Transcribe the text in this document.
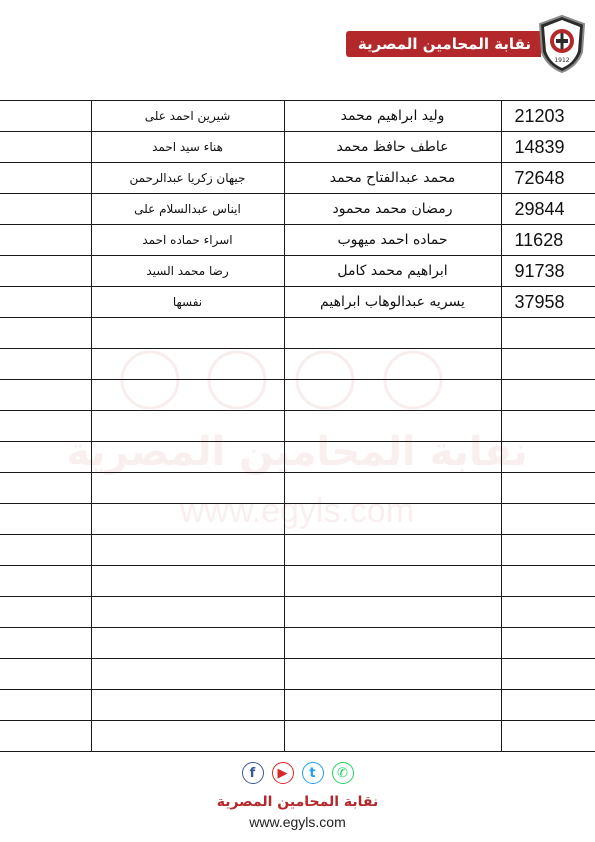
نقابة المحامين المصرية
1912
نقابة المحامين المصرية
www.egyls.com
	شيرين احمد على	وليد ابراهيم محمد	21203
	هناء سيد احمد	عاطف حافظ محمد	14839
	جيهان زكريا عبدالرحمن	محمد عبدالفتاح محمد	72648
	ايناس عبدالسلام على	رمضان محمد محمود	29844
	اسراء حماده احمد	حماده احمد ميهوب	11628
	رضا محمد السيد	ابراهيم محمد كامل	91738
	نفسها	يسريه عبدالوهاب ابراهيم	37958

f	▶	t	✆
نقابة المحامين المصرية
www.egyls.com
